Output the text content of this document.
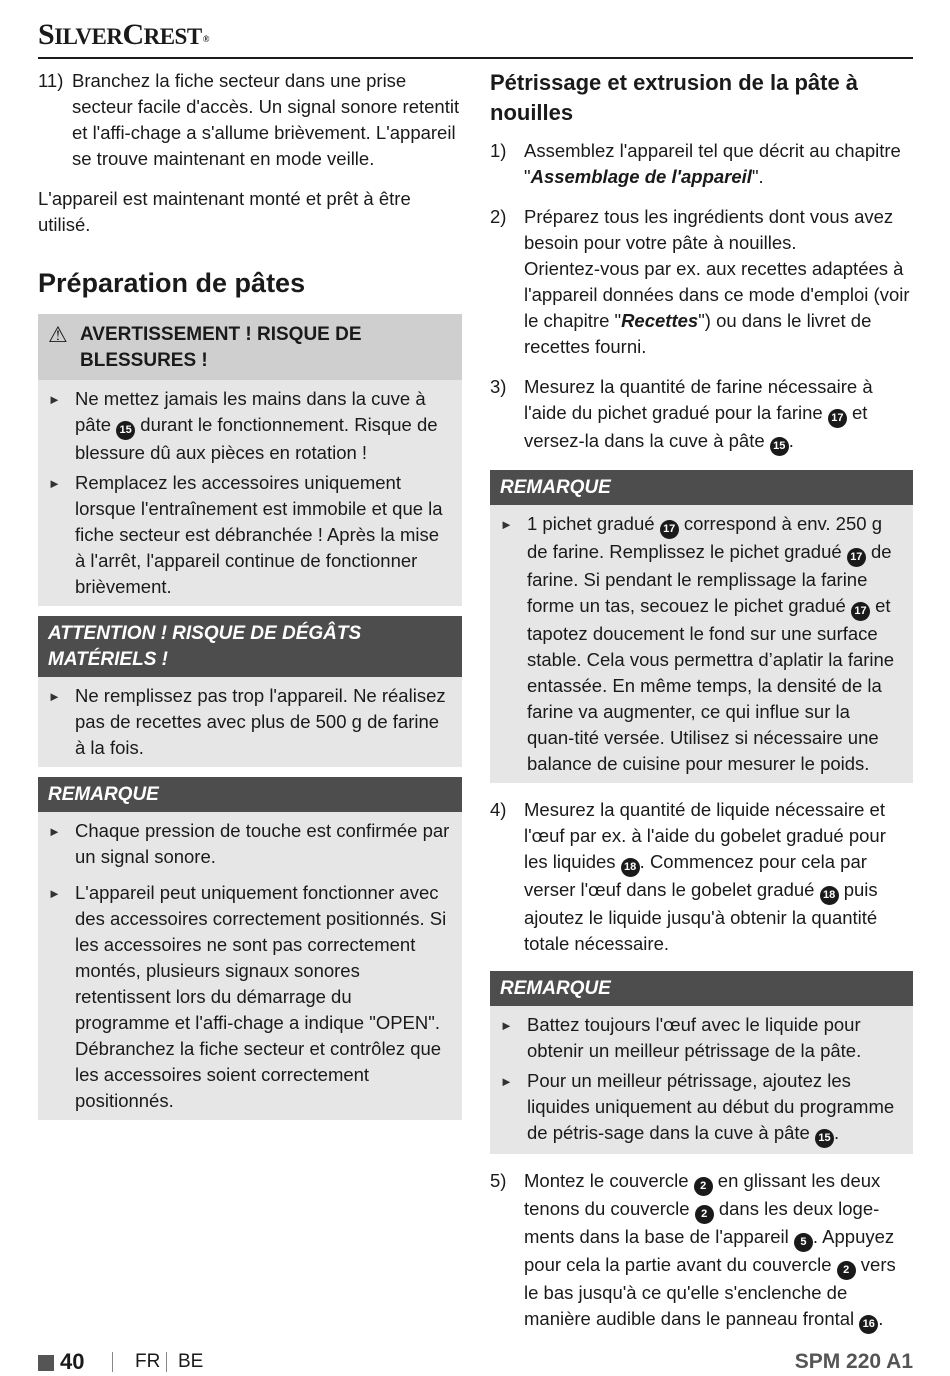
SILVERCREST®
11) Branchez la fiche secteur dans une prise secteur facile d'accès. Un signal sonore retentit et l'affi-chage a s'allume brièvement. L'appareil se trouve maintenant en mode veille.

L'appareil est maintenant monté et prêt à être utilisé.

Préparation de pâtes
⚠ AVERTISSEMENT ! RISQUE DE BLESSURES !
► Ne mettez jamais les mains dans la cuve à pâte 15 durant le fonctionnement. Risque de blessure dû aux pièces en rotation !
► Remplacez les accessoires uniquement lorsque l'entraînement est immobile et que la fiche secteur est débranchée ! Après la mise à l'arrêt, l'appareil continue de fonctionner brièvement.
ATTENTION ! RISQUE DE DÉGÂTS MATÉRIELS !
► Ne remplissez pas trop l'appareil. Ne réalisez pas de recettes avec plus de 500 g de farine à la fois.
REMARQUE
► Chaque pression de touche est confirmée par un signal sonore.
► L'appareil peut uniquement fonctionner avec des accessoires correctement positionnés. Si les accessoires ne sont pas correctement montés, plusieurs signaux sonores retentissent lors du démarrage du programme et l'affi-chage a indique "OPEN". Débranchez la fiche secteur et contrôlez que les accessoires soient correctement positionnés.
Pétrissage et extrusion de la pâte à nouilles
1) Assemblez l'appareil tel que décrit au chapitre "Assemblage de l'appareil".
2) Préparez tous les ingrédients dont vous avez besoin pour votre pâte à nouilles.
Orientez-vous par ex. aux recettes adaptées à l'appareil données dans ce mode d'emploi (voir le chapitre "Recettes") ou dans le livret de recettes fourni.
3) Mesurez la quantité de farine nécessaire à l'aide du pichet gradué pour la farine 17 et versez-la dans la cuve à pâte 15 .
REMARQUE
► 1 pichet gradué 17 correspond à env. 250 g de farine. Remplissez le pichet gradué 17 de farine. Si pendant le remplissage la farine forme un tas, secouez le pichet gradué 17 et tapotez doucement le fond sur une surface stable. Cela vous permettra d’aplatir la farine entassée. En même temps, la densité de la farine va augmenter, ce qui influe sur la quan-tité versée. Utilisez si nécessaire une balance de cuisine pour mesurer le poids.
4) Mesurez la quantité de liquide nécessaire et l'œuf par ex. à l'aide du gobelet gradué pour les liquides 18 . Commencez pour cela par verser l'œuf dans le gobelet gradué 18 puis ajoutez le liquide jusqu'à obtenir la quantité totale nécessaire.
REMARQUE
► Battez toujours l'œuf avec le liquide pour obtenir un meilleur pétrissage de la pâte.
► Pour un meilleur pétrissage, ajoutez les liquides uniquement au début du programme de pétris-sage dans la cuve à pâte 15 .
5) Montez le couvercle 2 en glissant les deux tenons du couvercle 2 dans les deux loge-ments dans la base de l'appareil 5 . Appuyez pour cela la partie avant du couvercle 2 vers le bas jusqu'à ce qu'elle s'enclenche de manière audible dans le panneau frontal 16 .
40	FR BE	SPM 220 A1
